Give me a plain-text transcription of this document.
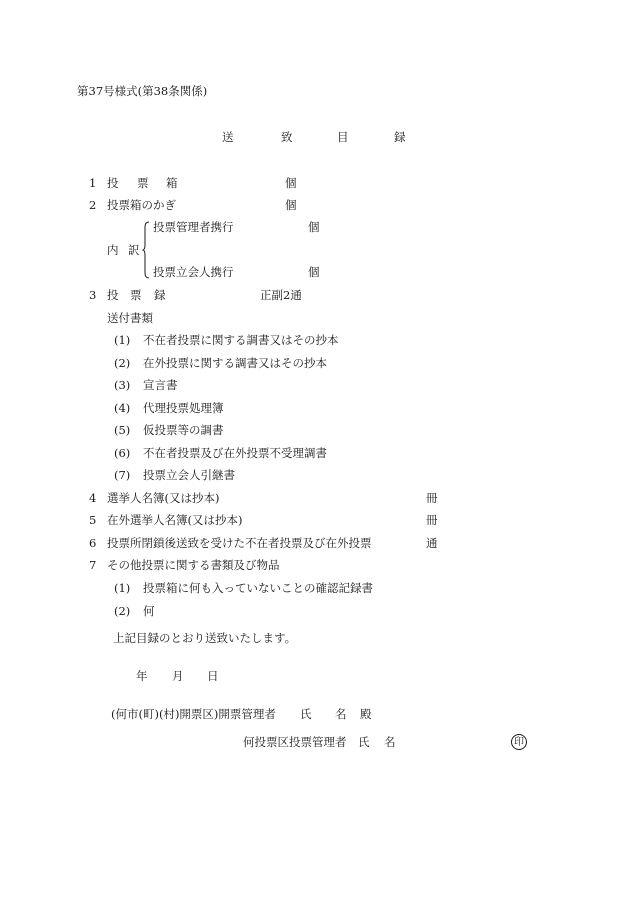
第37号様式(第38条関係)
送	致	目	録
1 投 票 箱	個
2 投票箱のかぎ	個
内 訳
投票管理者携行	個
投票立会人携行	個
3 投 票 録	正副2通
送付書類
(1) 不在者投票に関する調書又はその抄本
(2) 在外投票に関する調書又はその抄本
(3) 宣言書
(4) 代理投票処理簿
(5) 仮投票等の調書
(6) 不在者投票及び在外投票不受理調書
(7) 投票立会人引継書
4 選挙人名簿(又は抄本)	冊
5 在外選挙人名簿(又は抄本)	冊
6 投票所閉鎖後送致を受けた不在者投票及び在外投票	通
7 その他投票に関する書類及び物品
(1) 投票箱に何も入っていないことの確認記録書
(2) 何
上記目録のとおり送致いたします。
年 月 日
(何市(町)(村)開票区)開票管理者 氏 名 殿
何投票区投票管理者 氏 名	印
